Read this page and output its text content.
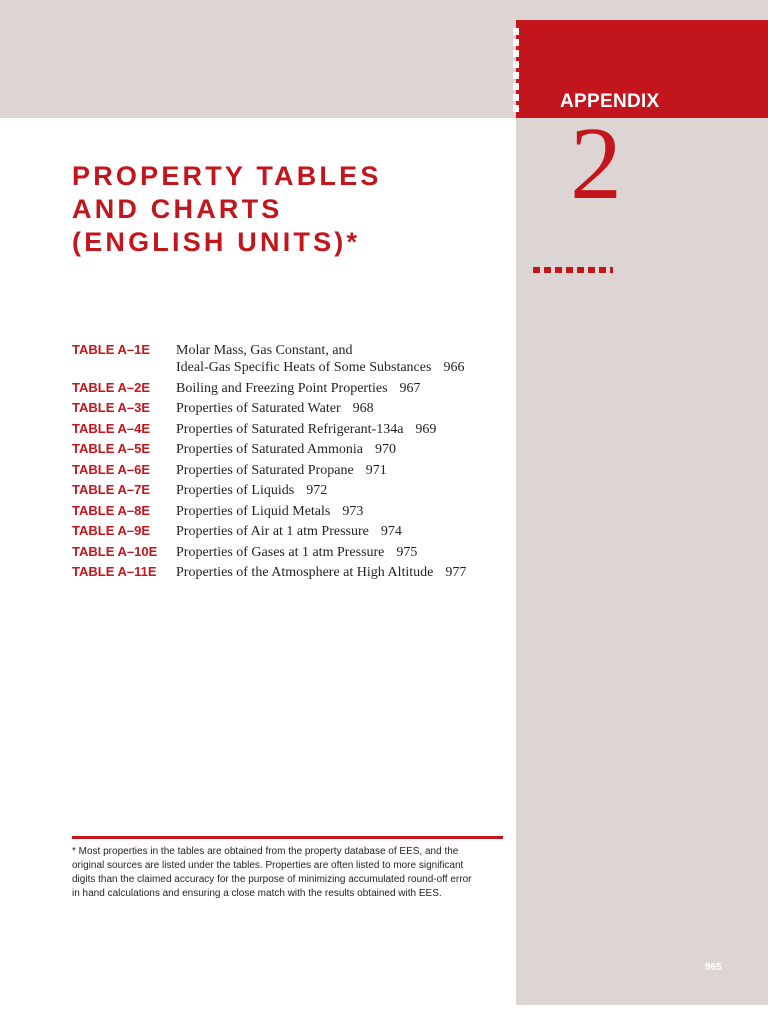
APPENDIX
2
PROPERTY TABLES
AND CHARTS
(ENGLISH UNITS)*
TABLE A–1E	Molar Mass, Gas Constant, and
Ideal-Gas Specific Heats of Some Substances 966
TABLE A–2E	Boiling and Freezing Point Properties 967
TABLE A–3E	Properties of Saturated Water 968
TABLE A–4E	Properties of Saturated Refrigerant-134a 969
TABLE A–5E	Properties of Saturated Ammonia 970
TABLE A–6E	Properties of Saturated Propane 971
TABLE A–7E	Properties of Liquids 972
TABLE A–8E	Properties of Liquid Metals 973
TABLE A–9E	Properties of Air at 1 atm Pressure 974
TABLE A–10E	Properties of Gases at 1 atm Pressure 975
TABLE A–11E	Properties of the Atmosphere at High Altitude 977
* Most properties in the tables are obtained from the property database of EES, and the
original sources are listed under the tables. Properties are often listed to more significant
digits than the claimed accuracy for the purpose of minimizing accumulated round-off error
in hand calculations and ensuring a close match with the results obtained with EES.
965
